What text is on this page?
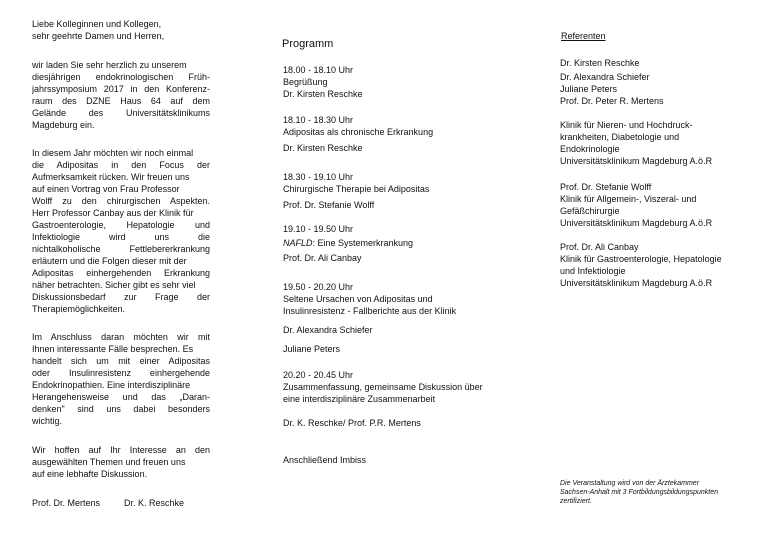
Liebe Kolleginnen und Kollegen,
sehr geehrte Damen und Herren,
wir laden Sie sehr herzlich zu unserem
diesjährigen endokrinologischen Früh-
jahrssymposium 2017 in den Konferenz-
raum des DZNE Haus 64 auf dem
Gelände des Universitätsklinikums
Magdeburg ein.
In diesem Jahr möchten wir noch einmal
die Adipositas in den Focus der
Aufmerksamkeit rücken. Wir freuen uns
auf einen Vortrag von Frau Professor
Wolff zu den chirurgischen Aspekten.
Herr Professor Canbay aus der Klinik für
Gastroenterologie, Hepatologie und
Infektiologie wird uns die
nichtalkoholische Fettlebererkrankung
erläutern und die Folgen dieser mit der
Adipositas einhergehenden Erkrankung
näher betrachten. Sicher gibt es sehr viel
Diskussionsbedarf zur Frage der
Therapiemöglichkeiten.
Im Anschluss daran möchten wir mit
Ihnen interessante Fälle besprechen. Es
handelt sich um mit einer Adipositas
oder Insulinresistenz einhergehende
Endokrinopathien. Eine interdisziplinäre
Herangehensweise und das „Daran-
denken" sind uns dabei besonders
wichtig.
Wir hoffen auf Ihr Interesse an den
ausgewählten Themen und freuen uns
auf eine lebhafte Diskussion.
Prof. Dr. Mertens	Dr. K. Reschke
Programm
18.00 - 18.10 Uhr
Begrüßung
Dr. Kirsten Reschke
18.10 - 18.30 Uhr
Adipositas als chronische Erkrankung
Dr. Kirsten Reschke
18.30 - 19.10 Uhr
Chirurgische Therapie bei Adipositas
Prof. Dr. Stefanie Wolff
19.10 - 19.50 Uhr
NAFLD: Eine Systemerkrankung
Prof. Dr. Ali Canbay
19.50 - 20.20 Uhr
Seltene Ursachen von Adipositas und
Insulinresistenz - Fallberichte aus der Klinik
Dr. Alexandra Schiefer
Juliane Peters
20.20 - 20.45 Uhr
Zusammenfassung, gemeinsame Diskussion über
eine interdisziplinäre Zusammenarbeit
Dr. K. Reschke/ Prof. P.R. Mertens
Anschließend Imbiss
Referenten
Dr. Kirsten Reschke
Dr. Alexandra Schiefer
Juliane Peters
Prof. Dr. Peter R. Mertens
Klinik für Nieren- und Hochdruck-
krankheiten, Diabetologie und
Endokrinologie
Universitätsklinikum Magdeburg A.ö.R
Prof. Dr. Stefanie Wolff
Klinik für Allgemein-, Viszeral- und
Gefäßchirurgie
Universitätsklinikum Magdeburg A.ö.R
Prof. Dr. Ali Canbay
Klinik für Gastroenterologie, Hepatologie
und Infektiologie
Universitätsklinikum Magdeburg A.ö.R
Die Veranstaltung wird von der Ärztekammer
Sachsen-Anhalt mit 3 Fortbildungsbildungspunkten
zertifiziert.
